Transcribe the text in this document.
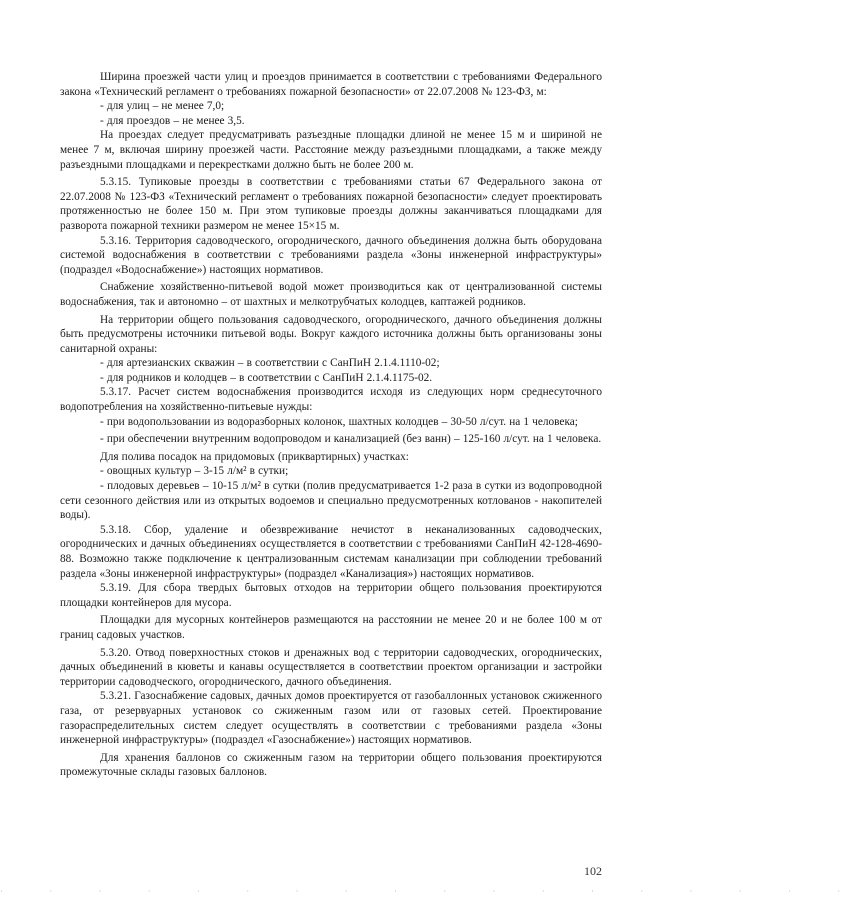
Ширина проезжей части улиц и проездов принимается в соответствии с требованиями Федерального закона «Технический регламент о требованиях пожарной безопасности» от 22.07.2008 № 123-ФЗ, м:

- для улиц – не менее 7,0;

- для проездов – не менее 3,5.

На проездах следует предусматривать разъездные площадки длиной не менее 15 м и шириной не менее 7 м, включая ширину проезжей части. Расстояние между разъездными площадками, а также между разъездными площадками и перекрестками должно быть не более 200 м.

5.3.15. Тупиковые проезды в соответствии с требованиями статьи 67 Федерального закона от 22.07.2008 № 123-ФЗ «Технический регламент о требованиях пожарной безопасности» следует проектировать протяженностью не более 150 м. При этом тупиковые проезды должны заканчиваться площадками для разворота пожарной техники размером не менее 15×15 м.

5.3.16. Территория садоводческого, огороднического, дачного объединения должна быть оборудована системой водоснабжения в соответствии с требованиями раздела «Зоны инженерной инфраструктуры» (подраздел «Водоснабжение») настоящих нормативов.

Снабжение хозяйственно-питьевой водой может производиться как от централизованной системы водоснабжения, так и автономно – от шахтных и мелкотрубчатых колодцев, каптажей родников.

На территории общего пользования садоводческого, огороднического, дачного объединения должны быть предусмотрены источники питьевой воды. Вокруг каждого источника должны быть организованы зоны санитарной охраны:

- для артезианских скважин – в соответствии с СанПиН 2.1.4.1110-02;

- для родников и колодцев – в соответствии с СанПиН 2.1.4.1175-02.

5.3.17. Расчет систем водоснабжения производится исходя из следующих норм среднесуточного водопотребления на хозяйственно-питьевые нужды:

- при водопользовании из водоразборных колонок, шахтных колодцев – 30-50 л/сут. на 1 человека;

- при обеспечении внутренним водопроводом и канализацией (без ванн) – 125-160 л/сут. на 1 человека.

Для полива посадок на придомовых (приквартирных) участках:

- овощных культур – 3-15 л/м² в сутки;

- плодовых деревьев – 10-15 л/м² в сутки (полив предусматривается 1-2 раза в сутки из водопроводной сети сезонного действия или из открытых водоемов и специально предусмотренных котлованов - накопителей воды).

5.3.18. Сбор, удаление и обезвреживание нечистот в неканализованных садоводческих, огороднических и дачных объединениях осуществляется в соответствии с требованиями СанПиН 42-128-4690-88. Возможно также подключение к централизованным системам канализации при соблюдении требований раздела «Зоны инженерной инфраструктуры» (подраздел «Канализация») настоящих нормативов.

5.3.19. Для сбора твердых бытовых отходов на территории общего пользования проектируются площадки контейнеров для мусора.

Площадки для мусорных контейнеров размещаются на расстоянии не менее 20 и не более 100 м от границ садовых участков.

5.3.20. Отвод поверхностных стоков и дренажных вод с территории садоводческих, огороднических, дачных объединений в кюветы и канавы осуществляется в соответствии проектом организации и застройки территории садоводческого, огороднического, дачного объединения.

5.3.21. Газоснабжение садовых, дачных домов проектируется от газобаллонных установок сжиженного газа, от резервуарных установок со сжиженным газом или от газовых сетей. Проектирование газораспределительных систем следует осуществлять в соответствии с требованиями раздела «Зоны инженерной инфраструктуры» (подраздел «Газоснабжение») настоящих нормативов.

Для хранения баллонов со сжиженным газом на территории общего пользования проектируются промежуточные склады газовых баллонов.

102
· · · · · · · · · · · · · · · · · ·
